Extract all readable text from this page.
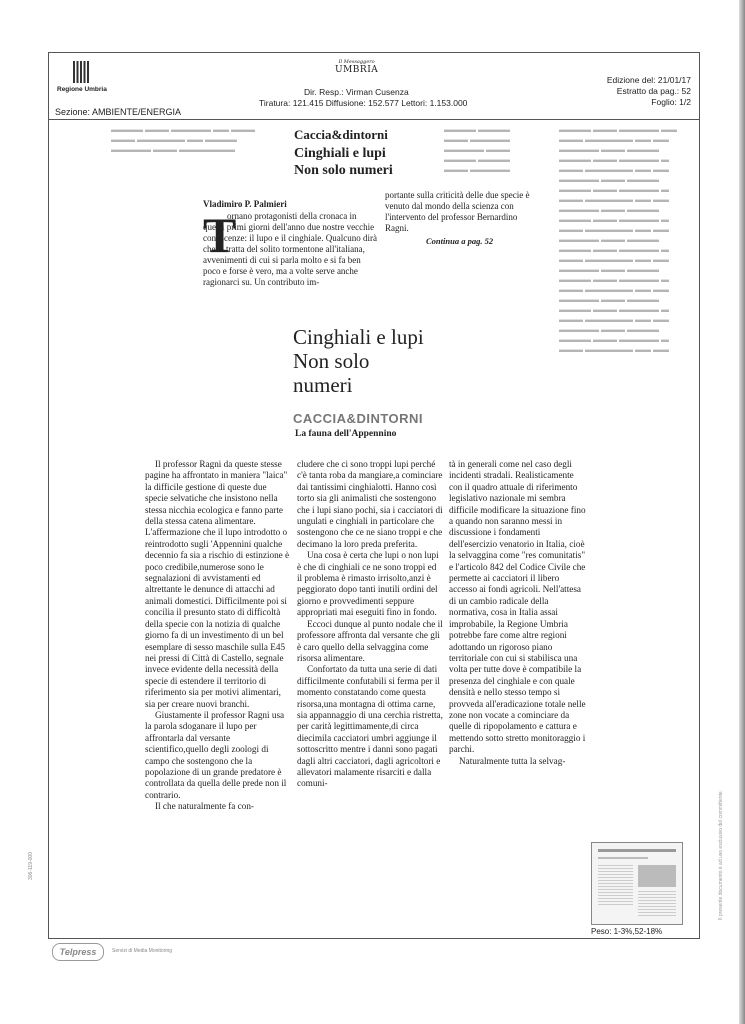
Regione Umbria
Sezione: AMBIENTE/ENERGIA
Il Messaggero
UMBRIA
Dir. Resp.: Virman Cusenza
Tiratura: 121.415 Diffusione: 152.577 Lettori: 1.153.000
Edizione del: 21/01/17
Estratto da pag.: 52
Foglio: 1/2
▬▬▬▬ ▬▬▬ ▬▬▬▬▬ ▬▬ ▬▬▬
▬▬▬ ▬▬▬▬▬▬ ▬▬ ▬▬▬▬
▬▬▬▬▬ ▬▬▬ ▬▬▬▬▬▬▬
▬▬▬▬ ▬▬▬▬
▬▬▬ ▬▬▬▬▬
▬▬▬▬▬ ▬▬▬
▬▬▬▬ ▬▬▬▬
▬▬▬ ▬▬▬▬▬
▬▬▬▬ ▬▬▬ ▬▬▬▬▬ ▬▬
▬▬▬ ▬▬▬▬▬▬ ▬▬ ▬▬
▬▬▬▬▬ ▬▬▬ ▬▬▬▬
▬▬▬▬ ▬▬▬ ▬▬▬▬▬ ▬
▬▬▬ ▬▬▬▬▬▬ ▬▬ ▬▬
▬▬▬▬▬ ▬▬▬ ▬▬▬▬
▬▬▬▬ ▬▬▬ ▬▬▬▬▬ ▬
▬▬▬ ▬▬▬▬▬▬ ▬▬ ▬▬
▬▬▬▬▬ ▬▬▬ ▬▬▬▬
▬▬▬▬ ▬▬▬ ▬▬▬▬▬ ▬
▬▬▬ ▬▬▬▬▬▬ ▬▬ ▬▬
▬▬▬▬▬ ▬▬▬ ▬▬▬▬
▬▬▬▬ ▬▬▬ ▬▬▬▬▬ ▬
▬▬▬ ▬▬▬▬▬▬ ▬▬ ▬▬
▬▬▬▬▬ ▬▬▬ ▬▬▬▬
▬▬▬▬ ▬▬▬ ▬▬▬▬▬ ▬
▬▬▬ ▬▬▬▬▬▬ ▬▬ ▬▬
▬▬▬▬▬ ▬▬▬ ▬▬▬▬
▬▬▬▬ ▬▬▬ ▬▬▬▬▬ ▬
▬▬▬ ▬▬▬▬▬▬ ▬▬ ▬▬
▬▬▬▬▬ ▬▬▬ ▬▬▬▬
▬▬▬▬ ▬▬▬ ▬▬▬▬▬ ▬
▬▬▬ ▬▬▬▬▬▬ ▬▬ ▬▬
Caccia&dintorni
Cinghiali e lupi
Non solo numeri
Vladimiro P. Palmieri
T
ornano protagonisti della cronaca in questi primi giorni dell'anno due nostre vecchie conoscenze: il lupo e il cinghiale. Qualcuno dirà che si tratta del solito tormentone all'italiana, avvenimenti di cui si parla molto e si fa ben poco e forse è vero, ma a volte serve anche ragionarci su. Un contributo im-
portante sulla criticità delle due specie è venuto dal mondo della scienza con l'intervento del professor Bernardino Ragni.
Continua a pag. 52
Cinghiali e lupi
Non solo
numeri
CACCIA&DINTORNI
La fauna dell'Appennino

Il professor Ragni da queste stesse pagine ha affrontato in maniera "laica" la difficile gestione di queste due specie selvatiche che insistono nella stessa nicchia ecologica e fanno parte della stessa catena alimentare. L'affermazione che il lupo introdotto o reintrodotto sugli 'Appennini qualche decennio fa sia a rischio di estinzione è poco credibile,numerose sono le segnalazioni di avvistamenti ed altrettante le denunce di attacchi ad animali domestici. Difficilmente poi si concilia il presunto stato di difficoltà della specie con la notizia di qualche giorno fa di un investimento di un bel esemplare di sesso maschile sulla E45 nei pressi di Città di Castello, segnale invece evidente della necessità della specie di estendere il territorio di riferimento sia per motivi alimentari, sia per creare nuovi branchi.

Giustamente il professor Ragni usa la parola sdoganare il lupo per affrontarla dal versante scientifico,quello degli zoologi di campo che sostengono che la popolazione di un grande predatore è controllata da quella delle prede non il contrario.

Il che naturalmente fa con-

cludere che ci sono troppi lupi perché c'è tanta roba da mangiare,a cominciare dai tantissimi cinghialotti. Hanno così torto sia gli animalisti che sostengono che i lupi siano pochi, sia i cacciatori di ungulati e cinghiali in particolare che sostengono che ce ne siano troppi e che decimano la loro preda preferita.

Una cosa è certa che lupi o non lupi è che di cinghiali ce ne sono troppi ed il problema è rimasto irrisolto,anzi è peggiorato dopo tanti inutili ordini del giorno e provvedimenti seppure appropriati mai eseguiti fino in fondo.

Eccoci dunque al punto nodale che il professore affronta dal versante che gli è caro quello della selvaggina come risorsa alimentare.

Confortato da tutta una serie di dati difficilmente confutabili si ferma per il momento constatando come questa risorsa,una montagna di ottima carne, sia appannaggio di una cerchia ristretta, per carità legittimamente,di circa diecimila cacciatori umbri aggiunge il sottoscritto mentre i danni sono pagati dagli altri cacciatori, dagli agricoltori e allevatori malamente risarciti e dalla comuni-

tà in generali come nel caso degli incidenti stradali. Realisticamente con il quadro attuale di riferimento legislativo nazionale mi sembra difficile modificare la situazione fino a quando non saranno messi in discussione i fondamenti dell'esercizio venatorio in Italia, cioè la selvaggina come "res comunitatis" e l'articolo 842 del Codice Civile che permette ai cacciatori il libero accesso ai fondi agricoli. Nell'attesa di un cambio radicale della normativa, cosa in Italia assai improbabile, la Regione Umbria potrebbe fare come altre regioni adottando un rigoroso piano territoriale con cui si stabilisca una volta per tutte dove è compatibile la presenza del cinghiale e con quale densità e nello stesso tempo si provveda all'eradicazione totale nelle zone non vocate a cominciare da quelle di ripopolamento e cattura e mettendo sotto stretto monitoraggio i parchi.

Naturalmente tutta la selvag-

Peso: 1-3%,52-18%
Telpress	Servizi di Media Monitoring
306-119-000	Il presente documento è ad uso esclusivo del committente.
